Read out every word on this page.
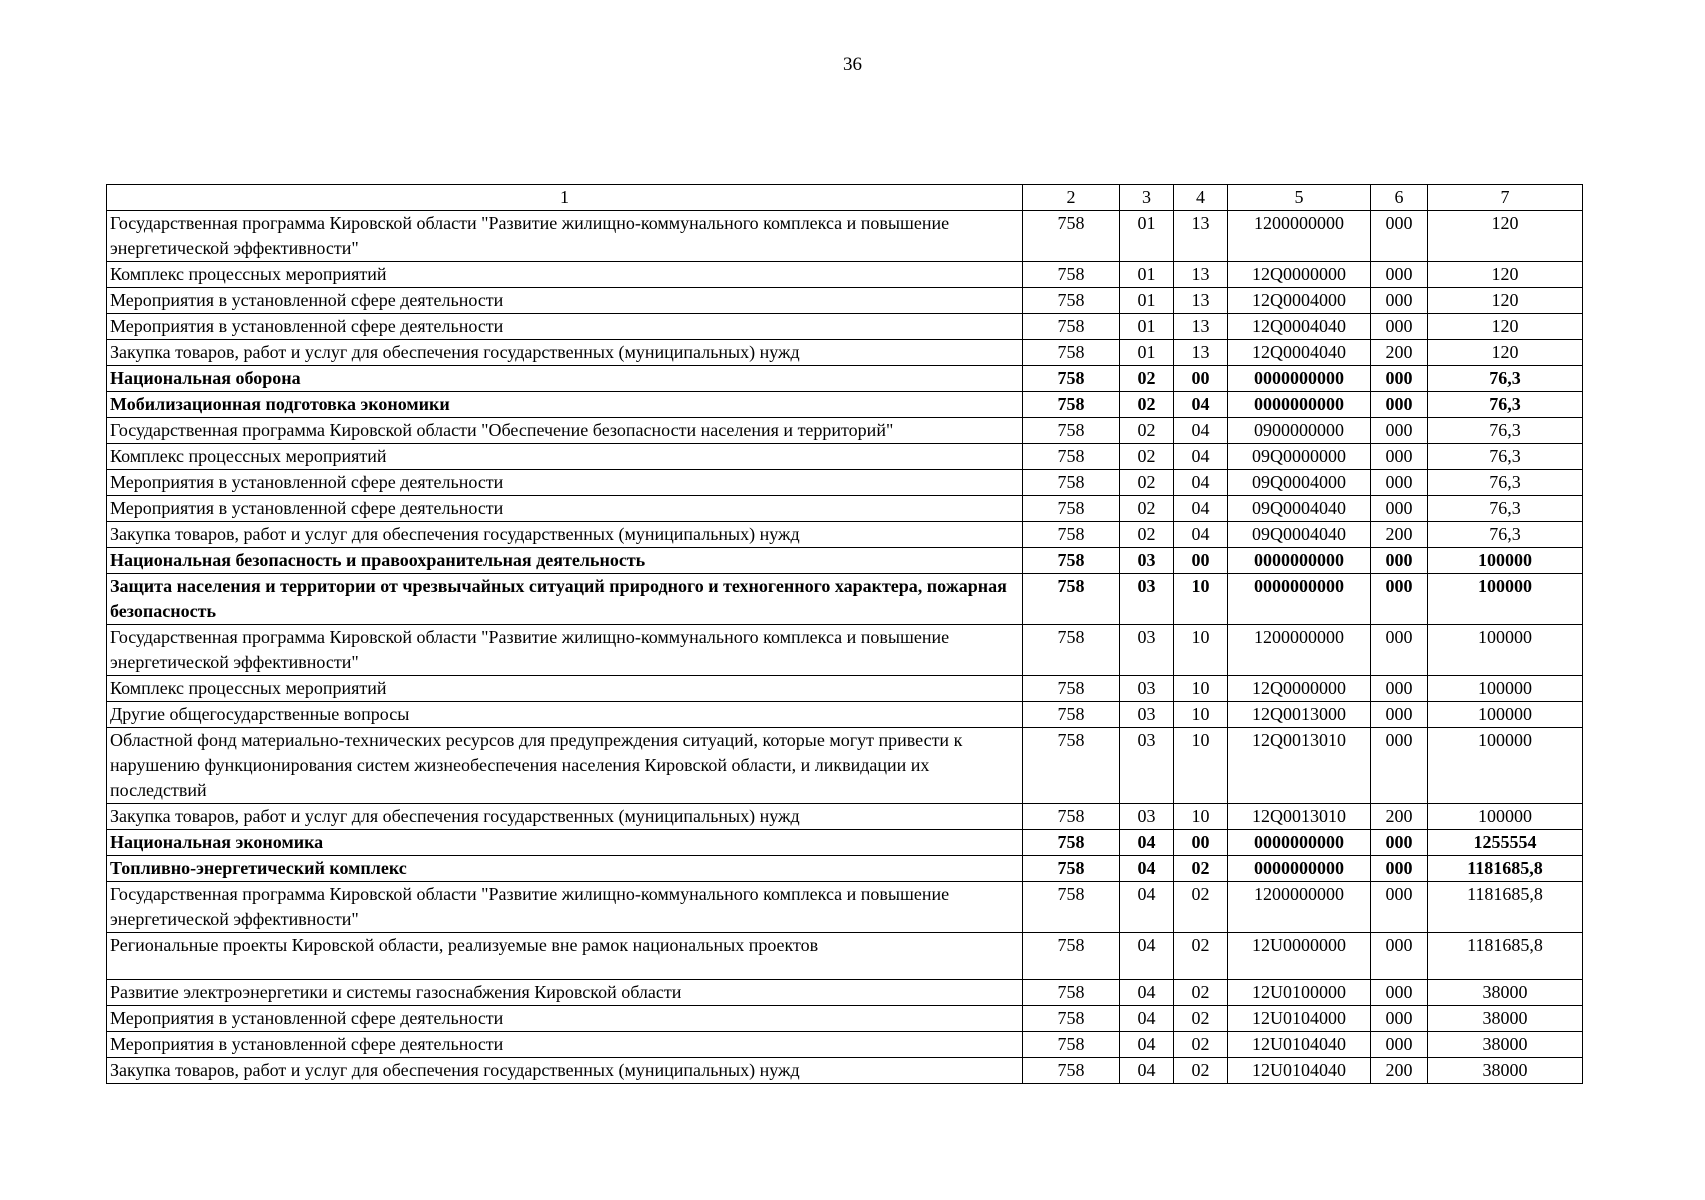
36
1	2	3	4	5	6	7
Государственная программа Кировской области "Развитие жилищно-коммунального комплекса и повышение энергетической эффективности"	758	01	13	1200000000	000	120
Комплекс процессных мероприятий	758	01	13	12Q0000000	000	120
Мероприятия в установленной сфере деятельности	758	01	13	12Q0004000	000	120
Мероприятия в установленной сфере деятельности	758	01	13	12Q0004040	000	120
Закупка товаров, работ и услуг для обеспечения государственных (муниципальных) нужд	758	01	13	12Q0004040	200	120
Национальная оборона	758	02	00	0000000000	000	76,3
Мобилизационная подготовка экономики	758	02	04	0000000000	000	76,3
Государственная программа Кировской области "Обеспечение безопасности населения и территорий"	758	02	04	0900000000	000	76,3
Комплекс процессных мероприятий	758	02	04	09Q0000000	000	76,3
Мероприятия в установленной сфере деятельности	758	02	04	09Q0004000	000	76,3
Мероприятия в установленной сфере деятельности	758	02	04	09Q0004040	000	76,3
Закупка товаров, работ и услуг для обеспечения государственных (муниципальных) нужд	758	02	04	09Q0004040	200	76,3
Национальная безопасность и правоохранительная деятельность	758	03	00	0000000000	000	100000
Защита населения и территории от чрезвычайных ситуаций природного и техногенного характера, пожарная безопасность	758	03	10	0000000000	000	100000
Государственная программа Кировской области "Развитие жилищно-коммунального комплекса и повышение энергетической эффективности"	758	03	10	1200000000	000	100000
Комплекс процессных мероприятий	758	03	10	12Q0000000	000	100000
Другие общегосударственные вопросы	758	03	10	12Q0013000	000	100000
Областной фонд материально-технических ресурсов для предупреждения ситуаций, которые могут привести к нарушению функционирования систем жизнеобеспечения населения Кировской области, и ликвидации их последствий	758	03	10	12Q0013010	000	100000
Закупка товаров, работ и услуг для обеспечения государственных (муниципальных) нужд	758	03	10	12Q0013010	200	100000
Национальная экономика	758	04	00	0000000000	000	1255554
Топливно-энергетический комплекс	758	04	02	0000000000	000	1181685,8
Государственная программа Кировской области "Развитие жилищно-коммунального комплекса и повышение энергетической эффективности"	758	04	02	1200000000	000	1181685,8
Региональные проекты Кировской области, реализуемые вне рамок национальных проектов	758	04	02	12U0000000	000	1181685,8
Развитие электроэнергетики и системы газоснабжения Кировской области	758	04	02	12U0100000	000	38000
Мероприятия в установленной сфере деятельности	758	04	02	12U0104000	000	38000
Мероприятия в установленной сфере деятельности	758	04	02	12U0104040	000	38000
Закупка товаров, работ и услуг для обеспечения государственных (муниципальных) нужд	758	04	02	12U0104040	200	38000
